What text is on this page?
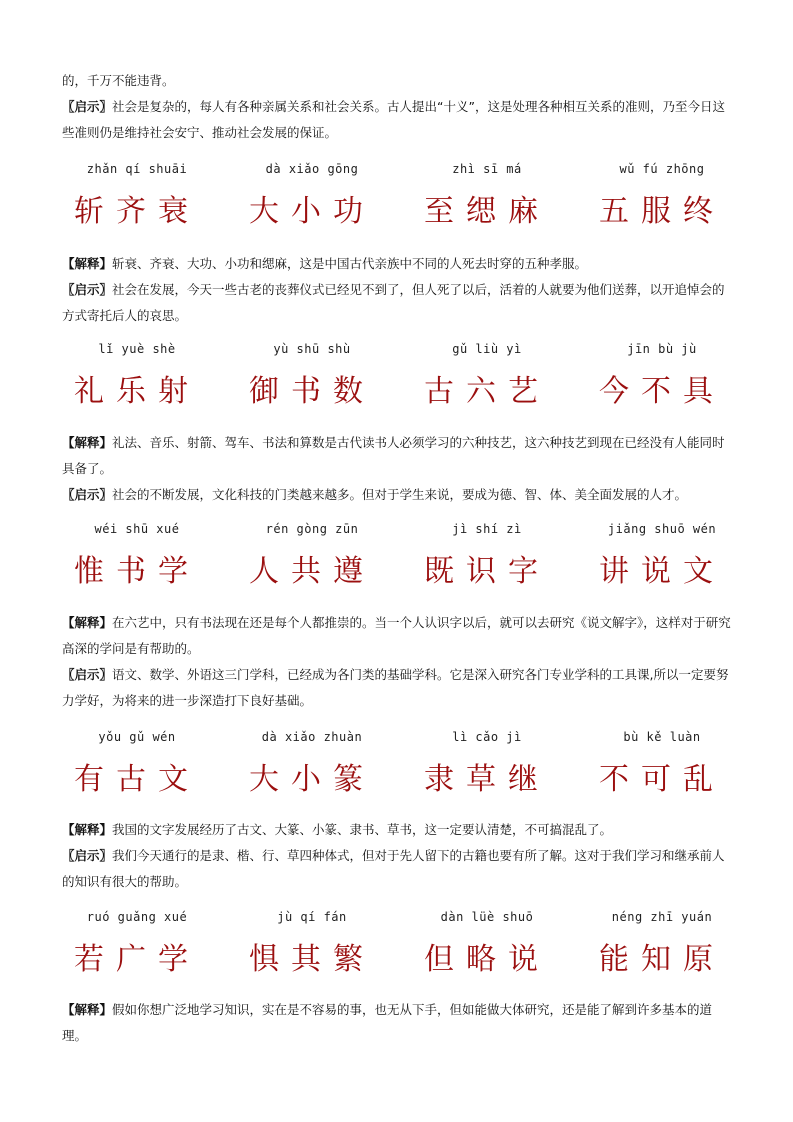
的，千万不能违背。

〖启示〗社会是复杂的，每人有各种亲属关系和社会关系。古人提出“十义”，这是处理各种相互关系的准则，乃至今日这些准则仍是维持社会安宁、推动社会发展的保证。

zhǎn qí shuāi	dà xiǎo gōng	zhì sī má	wǔ fú zhōng
斩齐衰	大小功	至缌麻	五服终

【解释】斩衰、齐衰、大功、小功和缌麻，这是中国古代亲族中不同的人死去时穿的五种孝服。

〖启示〗社会在发展，今天一些古老的丧葬仪式已经见不到了，但人死了以后，活着的人就要为他们送葬，以开追悼会的方式寄托后人的哀思。

lǐ yuè shè	yù shū shù	gǔ liù yì	jīn bù jù
礼乐射	御书数	古六艺	今不具

【解释】礼法、音乐、射箭、驾车、书法和算数是古代读书人必须学习的六种技艺，这六种技艺到现在已经没有人能同时具备了。

〖启示〗社会的不断发展，文化科技的门类越来越多。但对于学生来说，要成为德、智、体、美全面发展的人才。

wéi shū xué	rén gòng zūn	jì shí zì	jiǎng shuō wén
惟书学	人共遵	既识字	讲说文

【解释】在六艺中，只有书法现在还是每个人都推崇的。当一个人认识字以后，就可以去研究《说文解字》，这样对于研究高深的学问是有帮助的。

〖启示〗语文、数学、外语这三门学科，已经成为各门类的基础学科。它是深入研究各门专业学科的工具课,所以一定要努力学好，为将来的进一步深造打下良好基础。

yǒu gǔ wén	dà xiǎo zhuàn	lì cǎo jì	bù kě luàn
有古文	大小篆	隶草继	不可乱

【解释】我国的文字发展经历了古文、大篆、小篆、隶书、草书，这一定要认清楚，不可搞混乱了。

〖启示〗我们今天通行的是隶、楷、行、草四种体式，但对于先人留下的古籍也要有所了解。这对于我们学习和继承前人的知识有很大的帮助。

ruó guǎng xué	jù qí fán	dàn lüè shuō	néng zhī yuán
若广学	惧其繁	但略说	能知原

【解释】假如你想广泛地学习知识，实在是不容易的事，也无从下手，但如能做大体研究，还是能了解到许多基本的道理。
